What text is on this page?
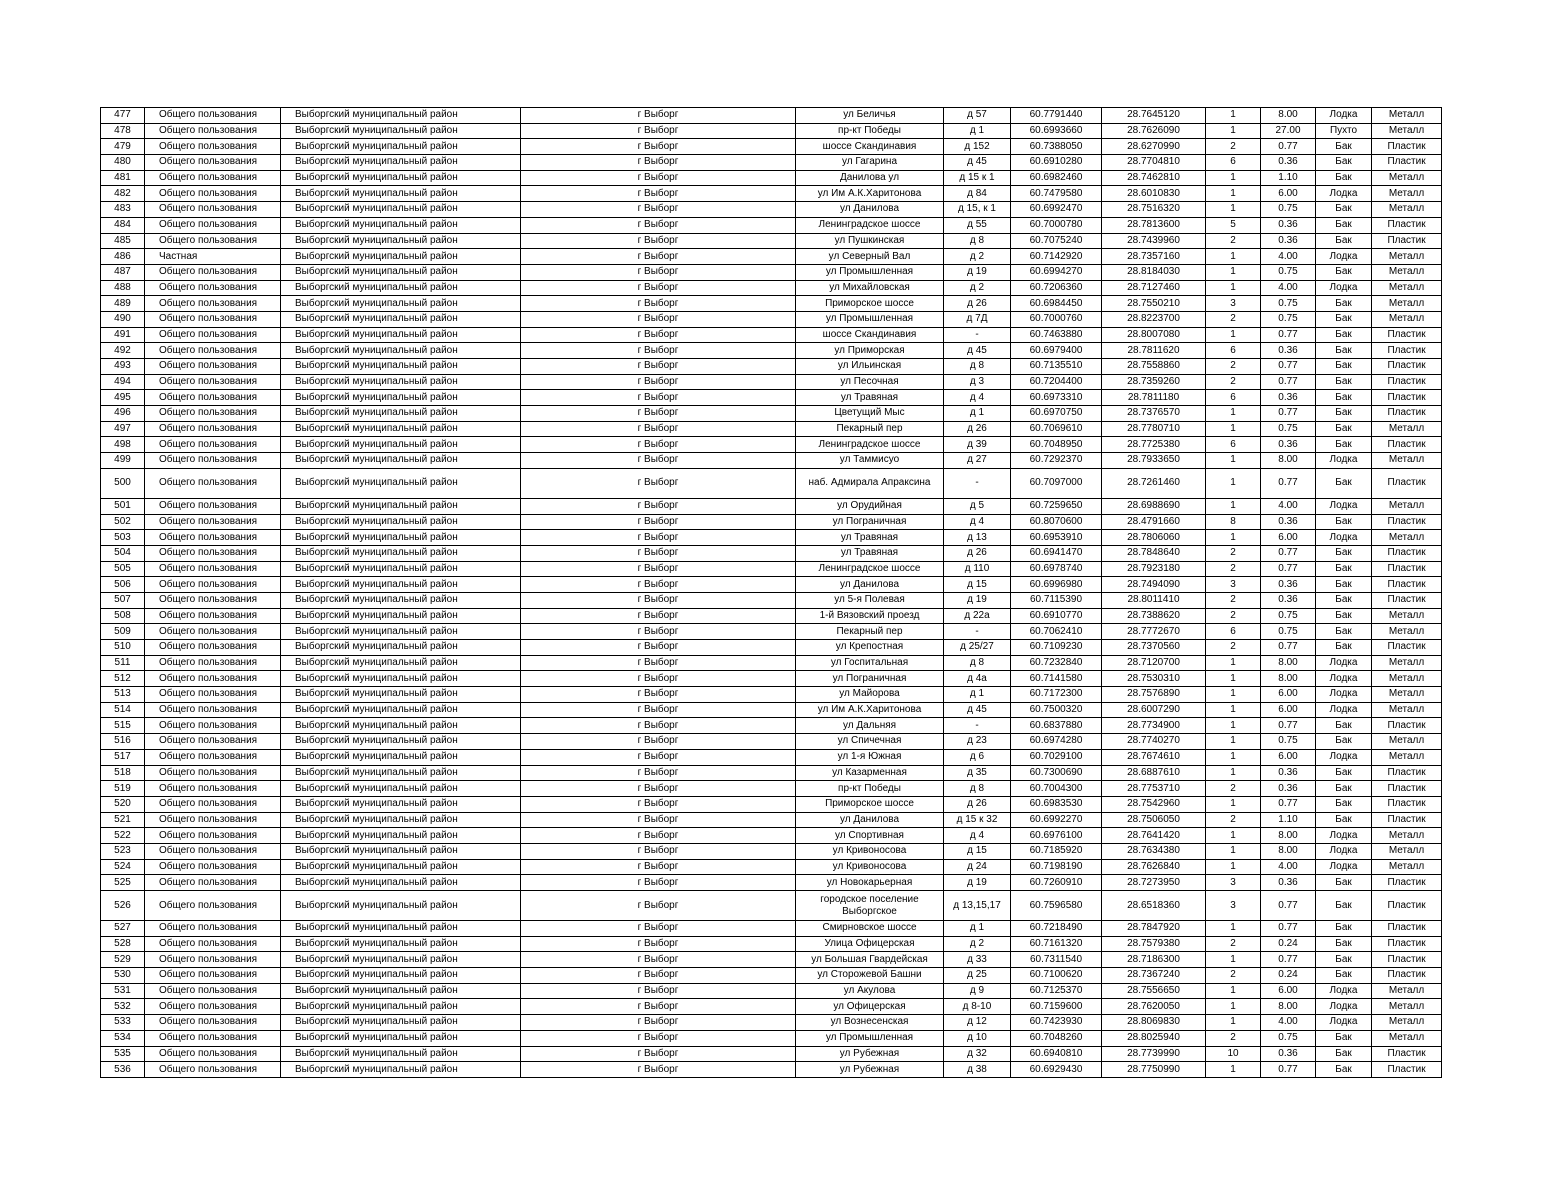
477	Общего пользования	Выборгский муниципальный район	г Выборг	ул Беличья	д 57	60.7791440	28.7645120	1	8.00	Лодка	Металл
478	Общего пользования	Выборгский муниципальный район	г Выборг	пр-кт Победы	д 1	60.6993660	28.7626090	1	27.00	Пухто	Металл
479	Общего пользования	Выборгский муниципальный район	г Выборг	шоссе Скандинавия	д 152	60.7388050	28.6270990	2	0.77	Бак	Пластик
480	Общего пользования	Выборгский муниципальный район	г Выборг	ул Гагарина	д 45	60.6910280	28.7704810	6	0.36	Бак	Пластик
481	Общего пользования	Выборгский муниципальный район	г Выборг	Данилова ул	д 15 к 1	60.6982460	28.7462810	1	1.10	Бак	Металл
482	Общего пользования	Выборгский муниципальный район	г Выборг	ул Им А.К.Харитонова	д 84	60.7479580	28.6010830	1	6.00	Лодка	Металл
483	Общего пользования	Выборгский муниципальный район	г Выборг	ул Данилова	д 15, к 1	60.6992470	28.7516320	1	0.75	Бак	Металл
484	Общего пользования	Выборгский муниципальный район	г Выборг	Ленинградское шоссе	д 55	60.7000780	28.7813600	5	0.36	Бак	Пластик
485	Общего пользования	Выборгский муниципальный район	г Выборг	ул Пушкинская	д 8	60.7075240	28.7439960	2	0.36	Бак	Пластик
486	Частная	Выборгский муниципальный район	г Выборг	ул Северный Вал	д 2	60.7142920	28.7357160	1	4.00	Лодка	Металл
487	Общего пользования	Выборгский муниципальный район	г Выборг	ул Промышленная	д 19	60.6994270	28.8184030	1	0.75	Бак	Металл
488	Общего пользования	Выборгский муниципальный район	г Выборг	ул Михайловская	д 2	60.7206360	28.7127460	1	4.00	Лодка	Металл
489	Общего пользования	Выборгский муниципальный район	г Выборг	Приморское шоссе	д 26	60.6984450	28.7550210	3	0.75	Бак	Металл
490	Общего пользования	Выборгский муниципальный район	г Выборг	ул Промышленная	д 7Д	60.7000760	28.8223700	2	0.75	Бак	Металл
491	Общего пользования	Выборгский муниципальный район	г Выборг	шоссе Скандинавия	-	60.7463880	28.8007080	1	0.77	Бак	Пластик
492	Общего пользования	Выборгский муниципальный район	г Выборг	ул Приморская	д 45	60.6979400	28.7811620	6	0.36	Бак	Пластик
493	Общего пользования	Выборгский муниципальный район	г Выборг	ул Ильинская	д 8	60.7135510	28.7558860	2	0.77	Бак	Пластик
494	Общего пользования	Выборгский муниципальный район	г Выборг	ул Песочная	д 3	60.7204400	28.7359260	2	0.77	Бак	Пластик
495	Общего пользования	Выборгский муниципальный район	г Выборг	ул Травяная	д 4	60.6973310	28.7811180	6	0.36	Бак	Пластик
496	Общего пользования	Выборгский муниципальный район	г Выборг	Цветущий Мыс	д 1	60.6970750	28.7376570	1	0.77	Бак	Пластик
497	Общего пользования	Выборгский муниципальный район	г Выборг	Пекарный пер	д 26	60.7069610	28.7780710	1	0.75	Бак	Металл
498	Общего пользования	Выборгский муниципальный район	г Выборг	Ленинградское шоссе	д 39	60.7048950	28.7725380	6	0.36	Бак	Пластик
499	Общего пользования	Выборгский муниципальный район	г Выборг	ул Таммисуо	д 27	60.7292370	28.7933650	1	8.00	Лодка	Металл
500	Общего пользования	Выборгский муниципальный район	г Выборг	наб. Адмирала Апраксина	-	60.7097000	28.7261460	1	0.77	Бак	Пластик
501	Общего пользования	Выборгский муниципальный район	г Выборг	ул Орудийная	д 5	60.7259650	28.6988690	1	4.00	Лодка	Металл
502	Общего пользования	Выборгский муниципальный район	г Выборг	ул Пограничная	д 4	60.8070600	28.4791660	8	0.36	Бак	Пластик
503	Общего пользования	Выборгский муниципальный район	г Выборг	ул Травяная	д 13	60.6953910	28.7806060	1	6.00	Лодка	Металл
504	Общего пользования	Выборгский муниципальный район	г Выборг	ул Травяная	д 26	60.6941470	28.7848640	2	0.77	Бак	Пластик
505	Общего пользования	Выборгский муниципальный район	г Выборг	Ленинградское шоссе	д 110	60.6978740	28.7923180	2	0.77	Бак	Пластик
506	Общего пользования	Выборгский муниципальный район	г Выборг	ул Данилова	д 15	60.6996980	28.7494090	3	0.36	Бак	Пластик
507	Общего пользования	Выборгский муниципальный район	г Выборг	ул 5-я Полевая	д 19	60.7115390	28.8011410	2	0.36	Бак	Пластик
508	Общего пользования	Выборгский муниципальный район	г Выборг	1-й Вязовский проезд	д 22а	60.6910770	28.7388620	2	0.75	Бак	Металл
509	Общего пользования	Выборгский муниципальный район	г Выборг	Пекарный пер	-	60.7062410	28.7772670	6	0.75	Бак	Металл
510	Общего пользования	Выборгский муниципальный район	г Выборг	ул Крепостная	д 25/27	60.7109230	28.7370560	2	0.77	Бак	Пластик
511	Общего пользования	Выборгский муниципальный район	г Выборг	ул Госпитальная	д 8	60.7232840	28.7120700	1	8.00	Лодка	Металл
512	Общего пользования	Выборгский муниципальный район	г Выборг	ул Пограничная	д 4а	60.7141580	28.7530310	1	8.00	Лодка	Металл
513	Общего пользования	Выборгский муниципальный район	г Выборг	ул Майорова	д 1	60.7172300	28.7576890	1	6.00	Лодка	Металл
514	Общего пользования	Выборгский муниципальный район	г Выборг	ул Им А.К.Харитонова	д 45	60.7500320	28.6007290	1	6.00	Лодка	Металл
515	Общего пользования	Выборгский муниципальный район	г Выборг	ул Дальняя	-	60.6837880	28.7734900	1	0.77	Бак	Пластик
516	Общего пользования	Выборгский муниципальный район	г Выборг	ул Спичечная	д 23	60.6974280	28.7740270	1	0.75	Бак	Металл
517	Общего пользования	Выборгский муниципальный район	г Выборг	ул 1-я Южная	д 6	60.7029100	28.7674610	1	6.00	Лодка	Металл
518	Общего пользования	Выборгский муниципальный район	г Выборг	ул Казарменная	д 35	60.7300690	28.6887610	1	0.36	Бак	Пластик
519	Общего пользования	Выборгский муниципальный район	г Выборг	пр-кт Победы	д 8	60.7004300	28.7753710	2	0.36	Бак	Пластик
520	Общего пользования	Выборгский муниципальный район	г Выборг	Приморское шоссе	д 26	60.6983530	28.7542960	1	0.77	Бак	Пластик
521	Общего пользования	Выборгский муниципальный район	г Выборг	ул Данилова	д 15 к 32	60.6992270	28.7506050	2	1.10	Бак	Пластик
522	Общего пользования	Выборгский муниципальный район	г Выборг	ул Спортивная	д 4	60.6976100	28.7641420	1	8.00	Лодка	Металл
523	Общего пользования	Выборгский муниципальный район	г Выборг	ул Кривоносова	д 15	60.7185920	28.7634380	1	8.00	Лодка	Металл
524	Общего пользования	Выборгский муниципальный район	г Выборг	ул Кривоносова	д 24	60.7198190	28.7626840	1	4.00	Лодка	Металл
525	Общего пользования	Выборгский муниципальный район	г Выборг	ул Новокарьерная	д 19	60.7260910	28.7273950	3	0.36	Бак	Пластик
526	Общего пользования	Выборгский муниципальный район	г Выборг	городское поселение Выборгское	д 13,15,17	60.7596580	28.6518360	3	0.77	Бак	Пластик
527	Общего пользования	Выборгский муниципальный район	г Выборг	Смирновское шоссе	д 1	60.7218490	28.7847920	1	0.77	Бак	Пластик
528	Общего пользования	Выборгский муниципальный район	г Выборг	Улица Офицерская	д 2	60.7161320	28.7579380	2	0.24	Бак	Пластик
529	Общего пользования	Выборгский муниципальный район	г Выборг	ул Большая Гвардейская	д 33	60.7311540	28.7186300	1	0.77	Бак	Пластик
530	Общего пользования	Выборгский муниципальный район	г Выборг	ул Сторожевой Башни	д 25	60.7100620	28.7367240	2	0.24	Бак	Пластик
531	Общего пользования	Выборгский муниципальный район	г Выборг	ул Акулова	д 9	60.7125370	28.7556650	1	6.00	Лодка	Металл
532	Общего пользования	Выборгский муниципальный район	г Выборг	ул Офицерская	д 8-10	60.7159600	28.7620050	1	8.00	Лодка	Металл
533	Общего пользования	Выборгский муниципальный район	г Выборг	ул Вознесенская	д 12	60.7423930	28.8069830	1	4.00	Лодка	Металл
534	Общего пользования	Выборгский муниципальный район	г Выборг	ул Промышленная	д 10	60.7048260	28.8025940	2	0.75	Бак	Металл
535	Общего пользования	Выборгский муниципальный район	г Выборг	ул Рубежная	д 32	60.6940810	28.7739990	10	0.36	Бак	Пластик
536	Общего пользования	Выборгский муниципальный район	г Выборг	ул Рубежная	д 38	60.6929430	28.7750990	1	0.77	Бак	Пластик
